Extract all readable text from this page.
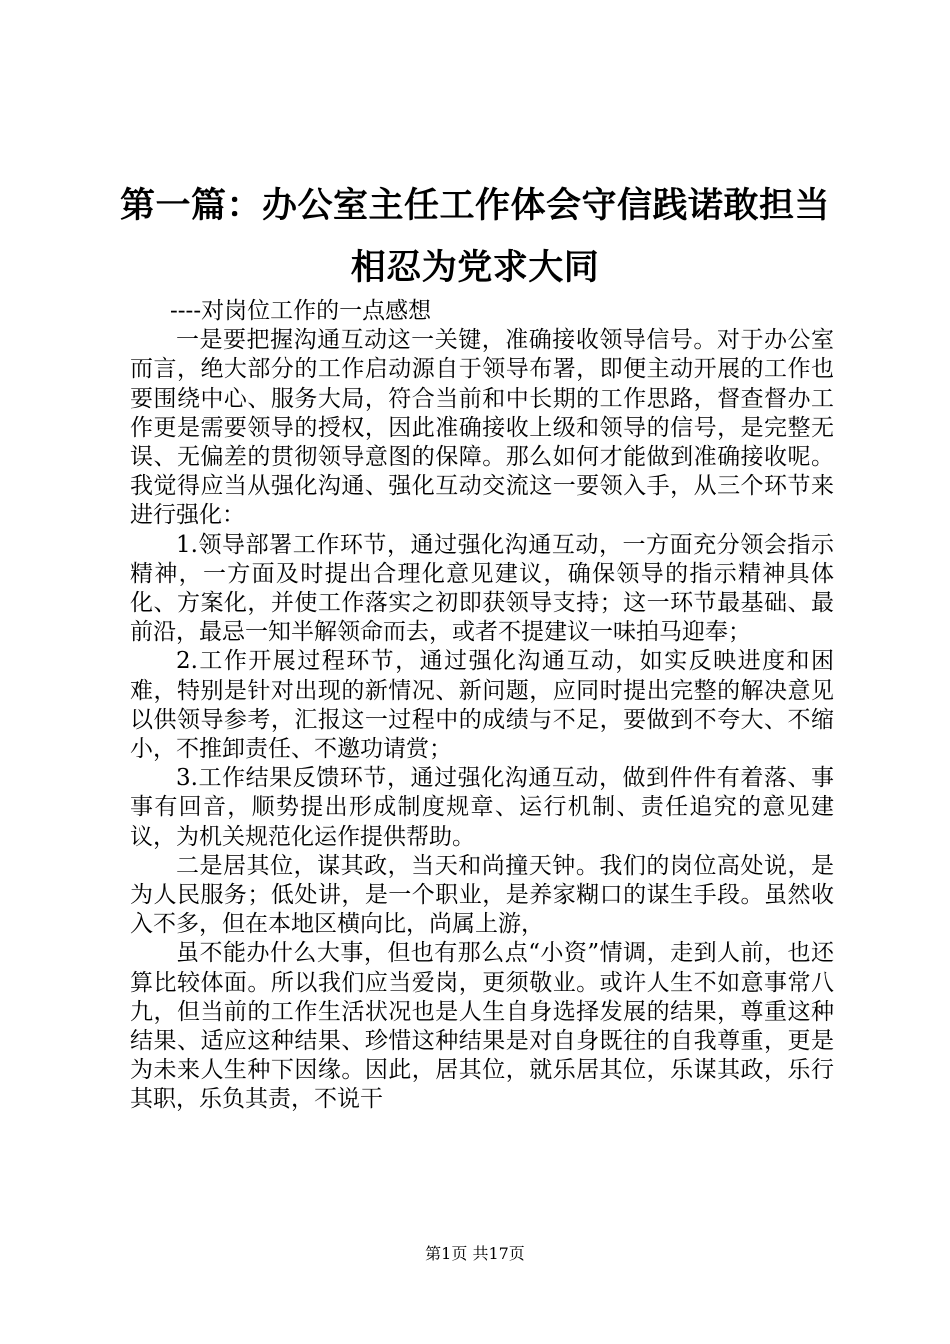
第一篇：办公室主任工作体会守信践诺敢担当
相忍为党求大同

----对岗位工作的一点感想

一是要把握沟通互动这一关键，准确接收领导信号。对于办公室而言，绝大部分的工作启动源自于领导布署，即便主动开展的工作也要围绕中心、服务大局，符合当前和中长期的工作思路，督查督办工作更是需要领导的授权，因此准确接收上级和领导的信号，是完整无误、无偏差的贯彻领导意图的保障。那么如何才能做到准确接收呢。我觉得应当从强化沟通、强化互动交流这一要领入手，从三个环节来进行强化：

1.领导部署工作环节，通过强化沟通互动，一方面充分领会指示精神，一方面及时提出合理化意见建议，确保领导的指示精神具体化、方案化，并使工作落实之初即获领导支持；这一环节最基础、最前沿，最忌一知半解领命而去，或者不提建议一味拍马迎奉；

2.工作开展过程环节，通过强化沟通互动，如实反映进度和困难，特别是针对出现的新情况、新问题，应同时提出完整的解决意见以供领导参考，汇报这一过程中的成绩与不足，要做到不夸大、不缩小，不推卸责任、不邀功请赏；

3.工作结果反馈环节，通过强化沟通互动，做到件件有着落、事事有回音，顺势提出形成制度规章、运行机制、责任追究的意见建议，为机关规范化运作提供帮助。

二是居其位，谋其政，当天和尚撞天钟。我们的岗位高处说，是为人民服务；低处讲，是一个职业，是养家糊口的谋生手段。虽然收入不多，但在本地区横向比，尚属上游，

虽不能办什么大事，但也有那么点“小资”情调，走到人前，也还算比较体面。所以我们应当爱岗，更须敬业。或许人生不如意事常八九，但当前的工作生活状况也是人生自身选择发展的结果，尊重这种结果、适应这种结果、珍惜这种结果是对自身既往的自我尊重，更是为未来人生种下因缘。因此，居其位，就乐居其位，乐谋其政，乐行其职，乐负其责，不说干

第1页 共17页
